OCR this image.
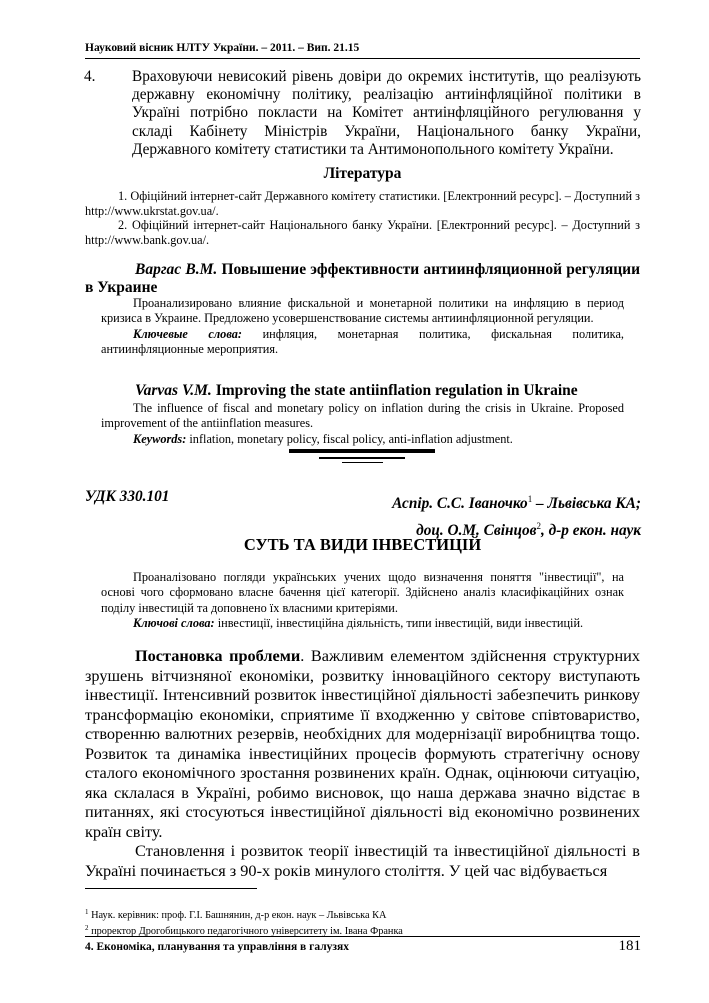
Науковий вісник НЛТУ України. – 2011. – Вип. 21.15

4. Враховуючи невисокий рівень довіри до окремих інститутів, що реалізують державну економічну політику, реалізацію антиінфляційної політики в Україні потрібно покласти на Комітет антиінфляційного регулювання у складі Кабінету Міністрів України, Національного банку України, Державного комітету статистики та Антимонопольного комітету України.

Література

1. Офіційний інтернет-сайт Державного комітету статистики. [Електронний ресурс]. – Доступний з http://www.ukrstat.gov.ua/.

2. Офіційний інтернет-сайт Національного банку України. [Електронний ресурс]. – Доступний з http://www.bank.gov.ua/.

Варгас В.М. Повышение эффективности антиинфляционной регуляции в Украине

Проанализировано влияние фискальной и монетарной политики на инфляцию в период кризиса в Украине. Предложено усовершенствование системы антиинфляционной регуляции.

Ключевые слова: инфляция, монетарная политика, фискальная политика, антиинфляционные мероприятия.

Varvas V.M. Improving the state antiinflation regulation in Ukraine

The influence of fiscal and monetary policy on inflation during the crisis in Ukraine. Proposed improvement of the antiinflation measures.

Keywords: inflation, monetary policy, fiscal policy, anti-inflation adjustment.

УДК 330.101	Аспір. С.С. Іваночко$^1$ – Львівська КА;
доц. О.М. Свінцов$^2$, д-р екон. наук
СУТЬ ТА ВИДИ ІНВЕСТИЦІЙ

Проаналізовано погляди українських учених щодо визначення поняття "інвестиції", на основі чого сформовано власне бачення цієї категорії. Здійснено аналіз класифікаційних ознак поділу інвестицій та доповнено їх власними критеріями.

Ключові слова: інвестиції, інвестиційна діяльність, типи інвестицій, види інвестицій.

Постановка проблеми. Важливим елементом здійснення структурних зрушень вітчизняної економіки, розвитку інноваційного сектору виступають інвестиції. Інтенсивний розвиток інвестиційної діяльності забезпечить ринкову трансформацію економіки, сприятиме її входженню у світове співтовариство, створенню валютних резервів, необхідних для модернізації виробництва тощо. Розвиток та динаміка інвестиційних процесів формують стратегічну основу сталого економічного зростання розвинених країн. Однак, оцінюючи ситуацію, яка склалася в Україні, робимо висновок, що наша держава значно відстає в питаннях, які стосуються інвестиційної діяльності від економічно розвинених країн світу.

Становлення і розвиток теорії інвестицій та інвестиційної діяльності в Україні починається з 90-х років минулого століття. У цей час відбувається

$^1$ Наук. керівник: проф. Г.І. Башнянин, д-р екон. наук – Львівська КА
$^2$ проректор Дрогобицького педагогічного університету ім. Івана Франка
4. Економіка, планування та управління в галузях	181
